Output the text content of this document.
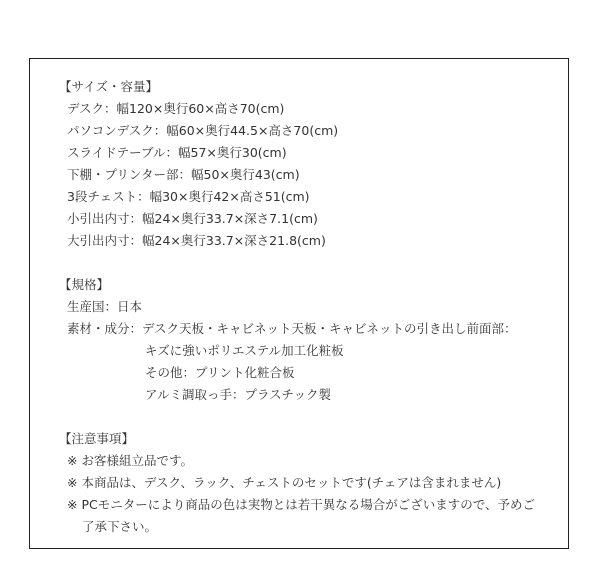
【サイズ・容量】
デスク：幅120×奥行60×高さ70(cm)
パソコンデスク：幅60×奥行44.5×高さ70(cm)
スライドテーブル：幅57×奥行30(cm)
下棚・プリンター部：幅50×奥行43(cm)
3段チェスト：幅30×奥行42×高さ51(cm)
小引出内寸：幅24×奥行33.7×深さ7.1(cm)
大引出内寸：幅24×奥行33.7×深さ21.8(cm)
【規格】
生産国：日本
素材・成分：デスク天板・キャビネット天板・キャビネットの引き出し前面部：
キズに強いポリエステル加工化粧板
その他：プリント化粧合板
アルミ調取っ手：プラスチック製
【注意事項】
※ お客様組立品です。
※ 本商品は、デスク、ラック、チェストのセットです(チェアは含まれません)
※ PCモニターにより商品の色は実物とは若干異なる場合がございますので、予めご
了承下さい。
